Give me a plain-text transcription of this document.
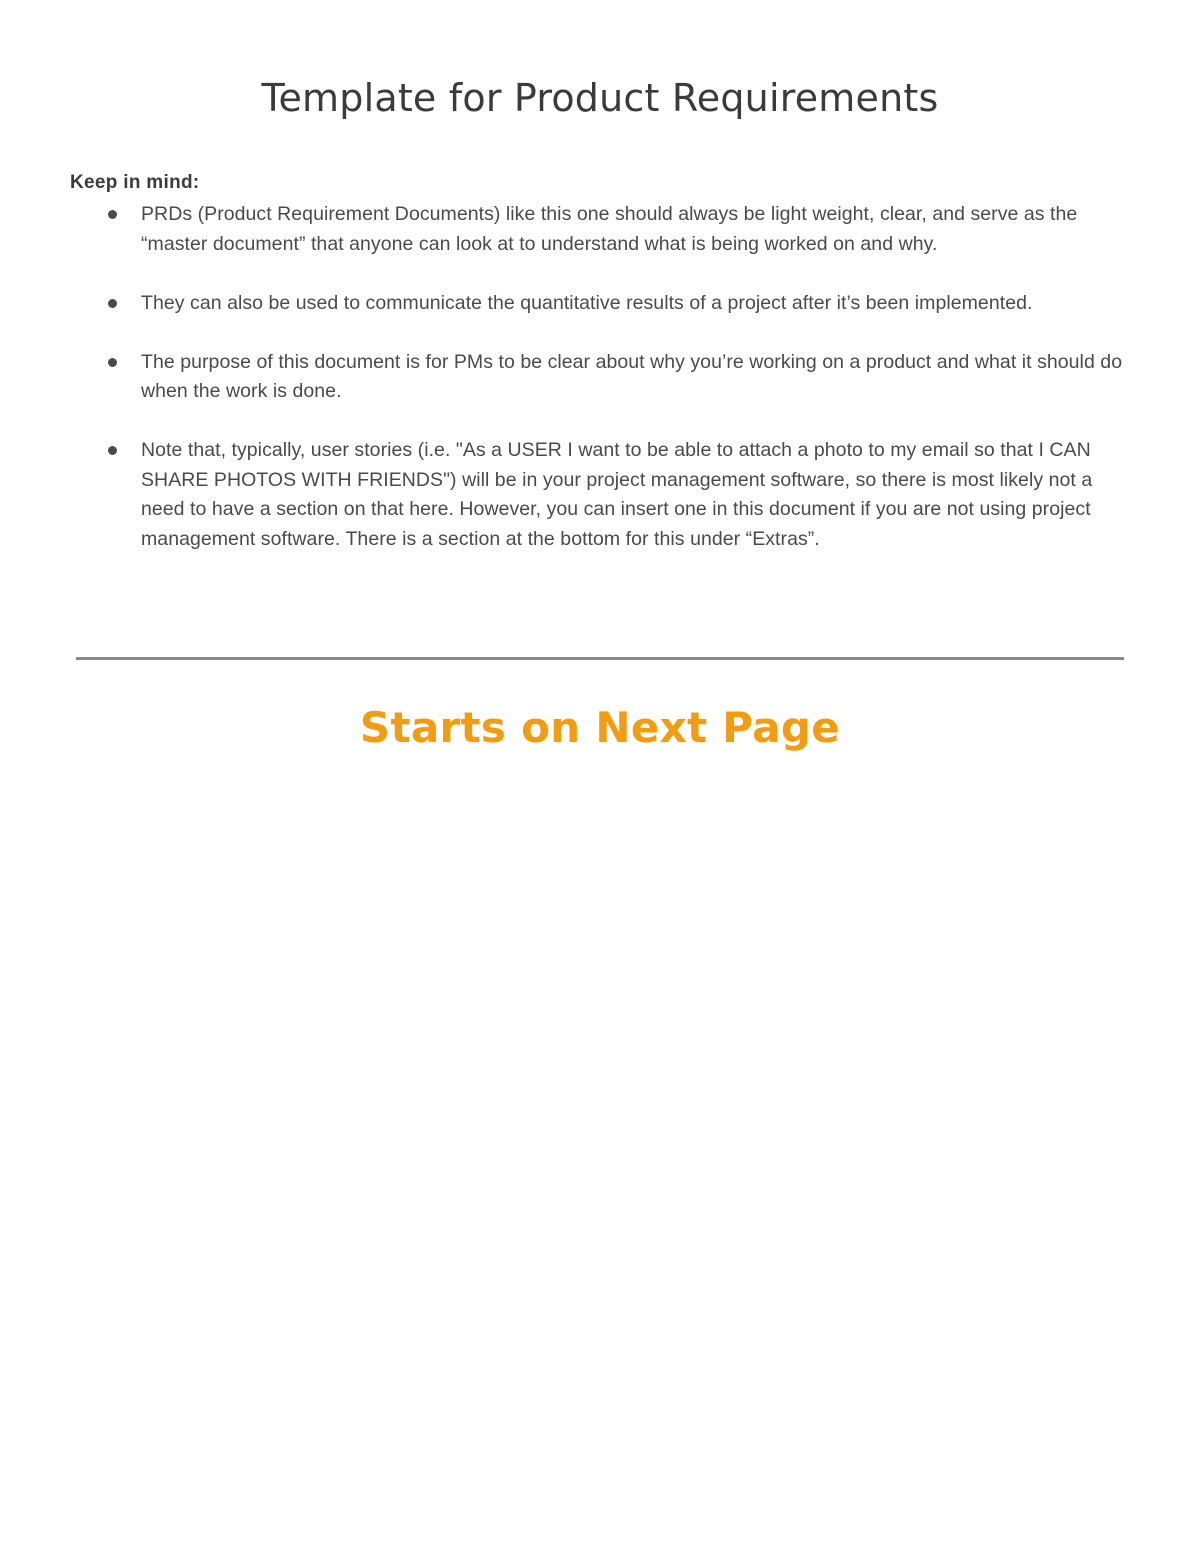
Template for Product Requirements
Keep in mind:
PRDs (Product Requirement Documents) like this one should always be light weight, clear, and serve as the “master document” that anyone can look at to understand what is being worked on and why.
They can also be used to communicate the quantitative results of a project after it’s been implemented.
The purpose of this document is for PMs to be clear about why you’re working on a product and what it should do when the work is done.
Note that, typically, user stories (i.e. "As a USER I want to be able to attach a photo to my email so that I CAN SHARE PHOTOS WITH FRIENDS") will be in your project management software, so there is most likely not a need to have a section on that here. However, you can insert one in this document if you are not using project management software. There is a section at the bottom for this under “Extras”.
Starts on Next Page
